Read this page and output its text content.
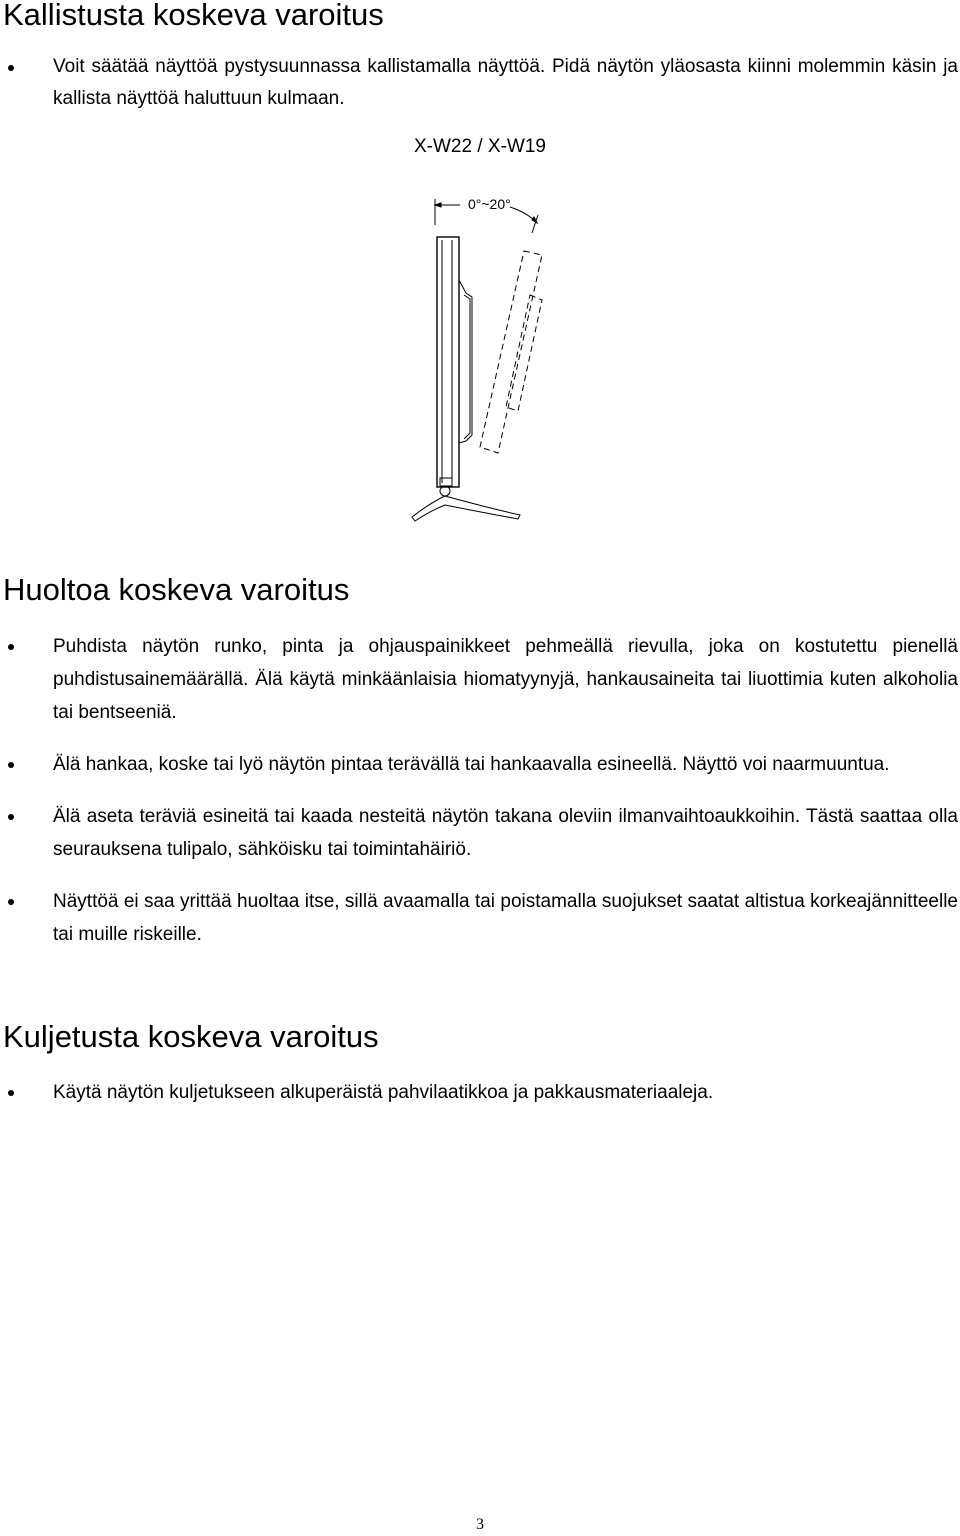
Kallistusta koskeva varoitus
Voit säätää näyttöä pystysuunnassa kallistamalla näyttöä. Pidä näytön yläosasta kiinni molemmin käsin ja kallista näyttöä haluttuun kulmaan.
X-W22 / X-W19
0°~20°
Huoltoa koskeva varoitus
Puhdista näytön runko, pinta ja ohjauspainikkeet pehmeällä rievulla, joka on kostutettu pienellä puhdistusainemäärällä. Älä käytä minkäänlaisia hiomatyynyjä, hankausaineita tai liuottimia kuten alkoholia tai bentseeniä.
Älä hankaa, koske tai lyö näytön pintaa terävällä tai hankaavalla esineellä. Näyttö voi naarmuuntua.
Älä aseta teräviä esineitä tai kaada nesteitä näytön takana oleviin ilmanvaihtoaukkoihin. Tästä saattaa olla seurauksena tulipalo, sähköisku tai toimintahäiriö.
Näyttöä ei saa yrittää huoltaa itse, sillä avaamalla tai poistamalla suojukset saatat altistua korkeajännitteelle tai muille riskeille.
Kuljetusta koskeva varoitus
Käytä näytön kuljetukseen alkuperäistä pahvilaatikkoa ja pakkausmateriaaleja.
3
